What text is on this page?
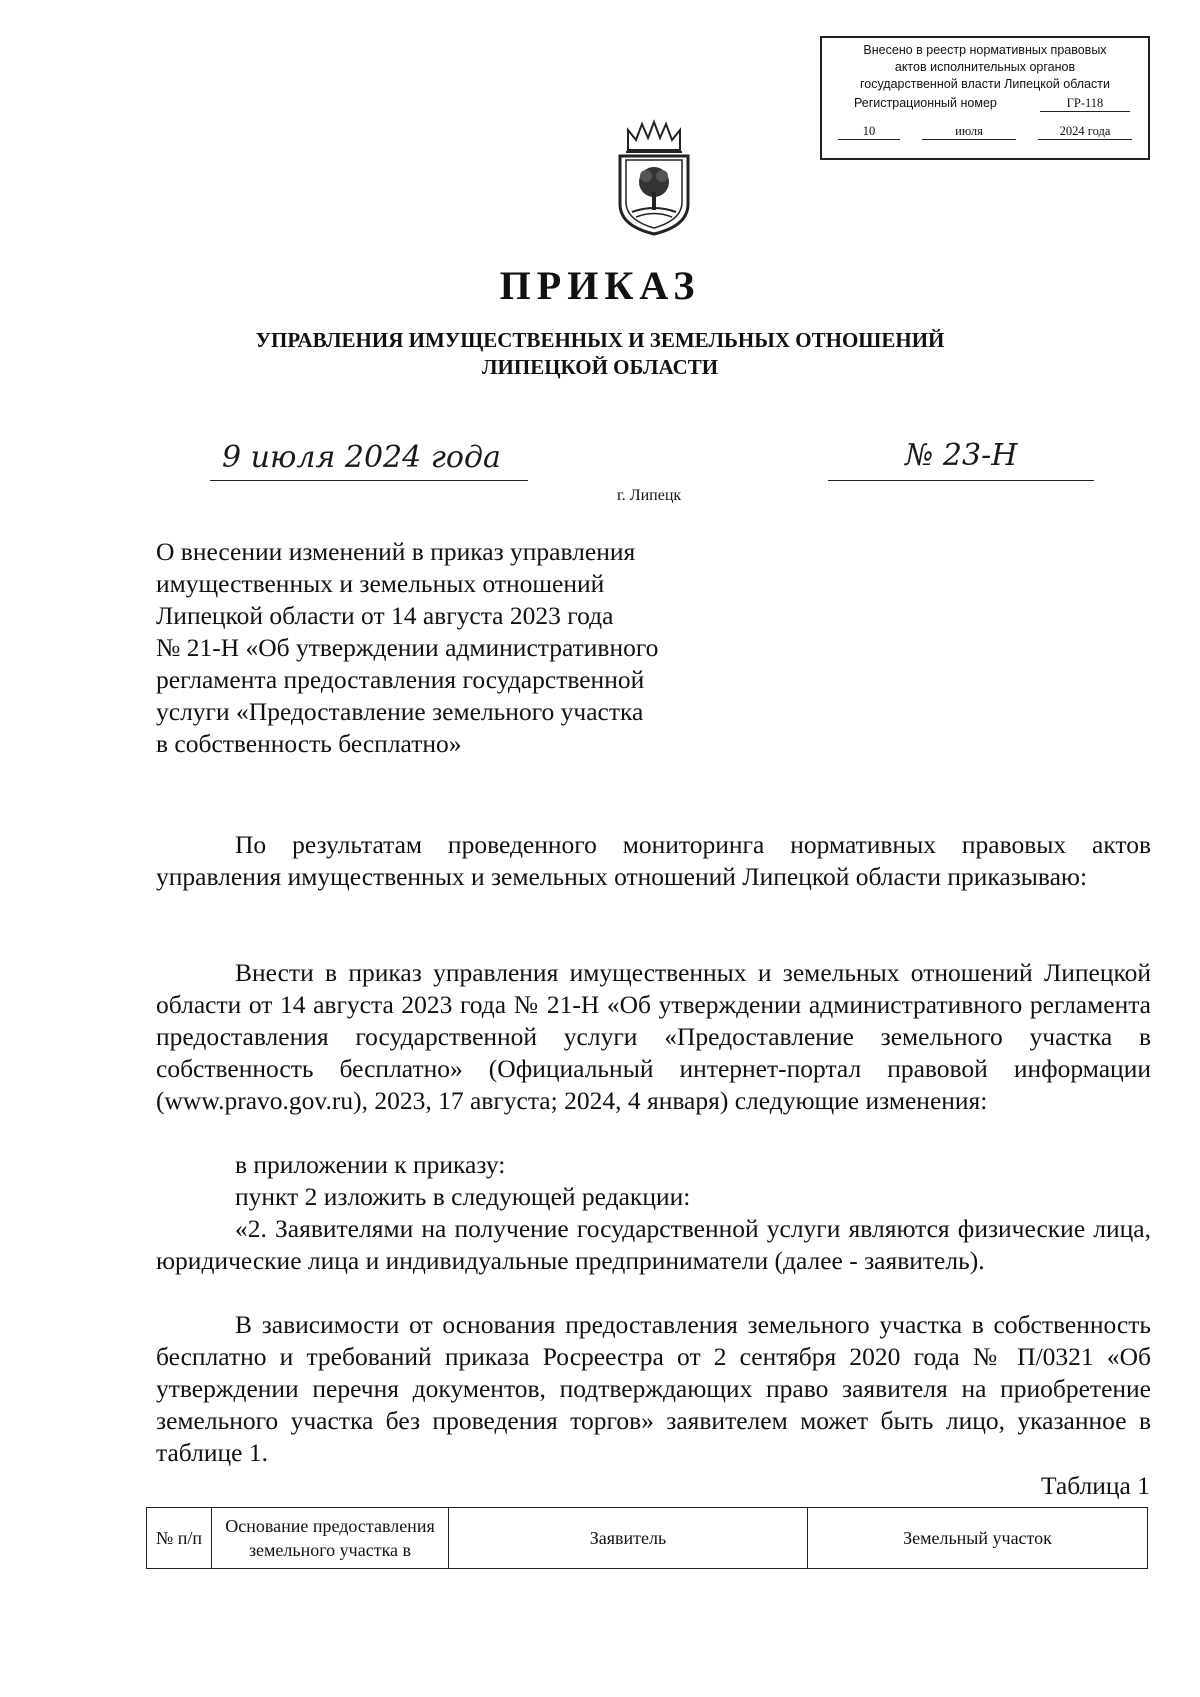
Внесено в реестр нормативных правовых
актов исполнительных органов
государственной власти Липецкой области
Регистрационный номер	ГР-118
10	июля	2024 года
ПРИКАЗ
УПРАВЛЕНИЯ ИМУЩЕСТВЕННЫХ И ЗЕМЕЛЬНЫХ ОТНОШЕНИЙ
ЛИПЕЦКОЙ ОБЛАСТИ
9 июля 2024 года	№ 23-Н
г. Липецк
О внесении изменений в приказ управления
имущественных и земельных отношений
Липецкой области от 14 августа 2023 года
№ 21-Н «Об утверждении административного
регламента предоставления государственной
услуги «Предоставление земельного участка
в собственность бесплатно»
По результатам проведенного мониторинга нормативных правовых актов управления имущественных и земельных отношений Липецкой области приказываю:
Внести в приказ управления имущественных и земельных отношений Липецкой области от 14 августа 2023 года № 21-Н «Об утверждении административного регламента предоставления государственной услуги «Предоставление земельного участка в собственность бесплатно» (Официальный интернет-портал правовой информации (www.pravo.gov.ru), 2023, 17 августа; 2024, 4 января) следующие изменения:
в приложении к приказу:
пункт 2 изложить в следующей редакции:
«2. Заявителями на получение государственной услуги являются физические лица, юридические лица и индивидуальные предприниматели (далее - заявитель).
В зависимости от основания предоставления земельного участка в собственность бесплатно и требований приказа Росреестра от 2 сентября 2020 года № П/0321 «Об утверждении перечня документов, подтверждающих право заявителя на приобретение земельного участка без проведения торгов» заявителем может быть лицо, указанное в таблице 1.
Таблица 1
№ п/п	Основание предоставления земельного участка в	Заявитель	Земельный участок
